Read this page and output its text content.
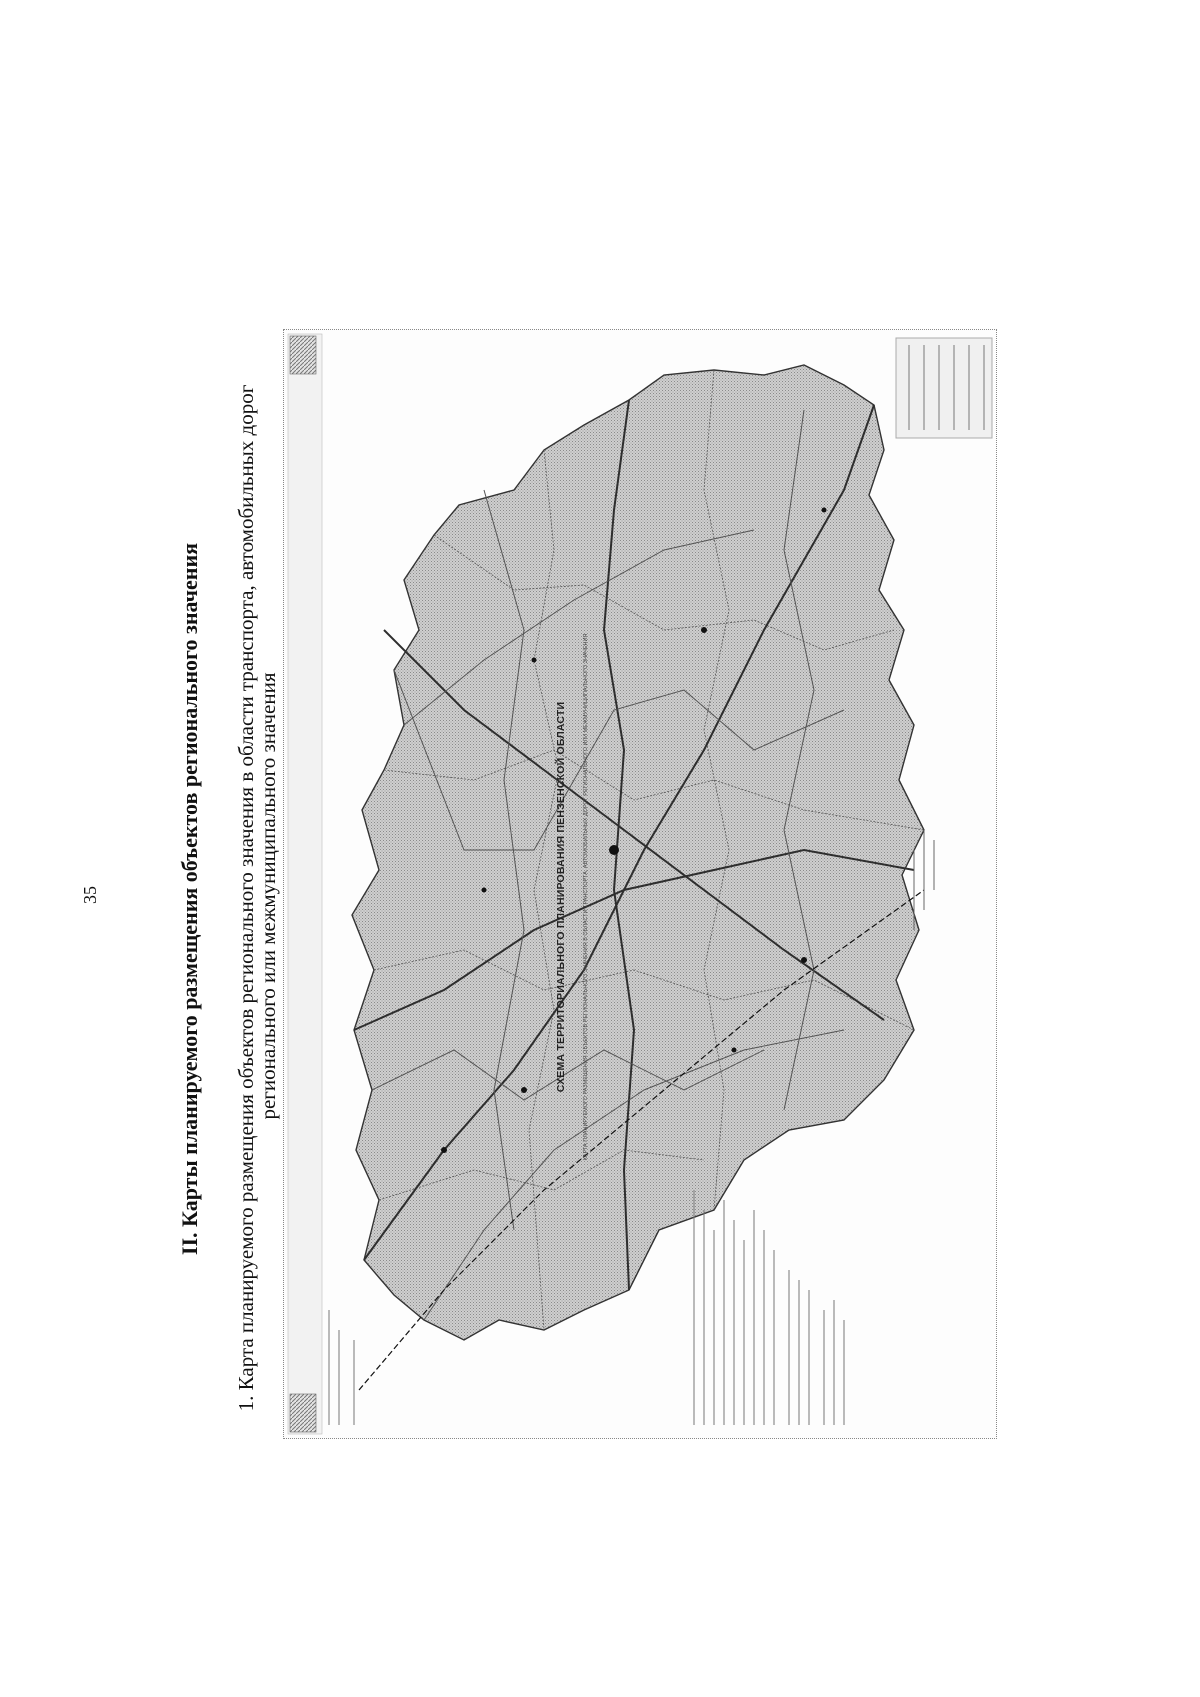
35	II. Карты планируемого размещения объектов регионального значения 1. Карта планируемого размещения объектов регионального значения в области транспорта, автомобильных дорог
регионального или межмуниципального значения	СХЕМА ТЕРРИТОРИАЛЬНОГО ПЛАНИРОВАНИЯ ПЕНЗЕНСКОЙ ОБЛАСТИ	КАРТА ПЛАНИРУЕМОГО РАЗМЕЩЕНИЯ ОБЪЕКТОВ РЕГИОНАЛЬНОГО ЗНАЧЕНИЯ В ОБЛАСТИ ТРАНСПОРТА, АВТОМОБИЛЬНЫХ ДОРОГ РЕГИОНАЛЬНОГО ИЛИ МЕЖМУНИЦИПАЛЬНОГО ЗНАЧЕНИЯ
